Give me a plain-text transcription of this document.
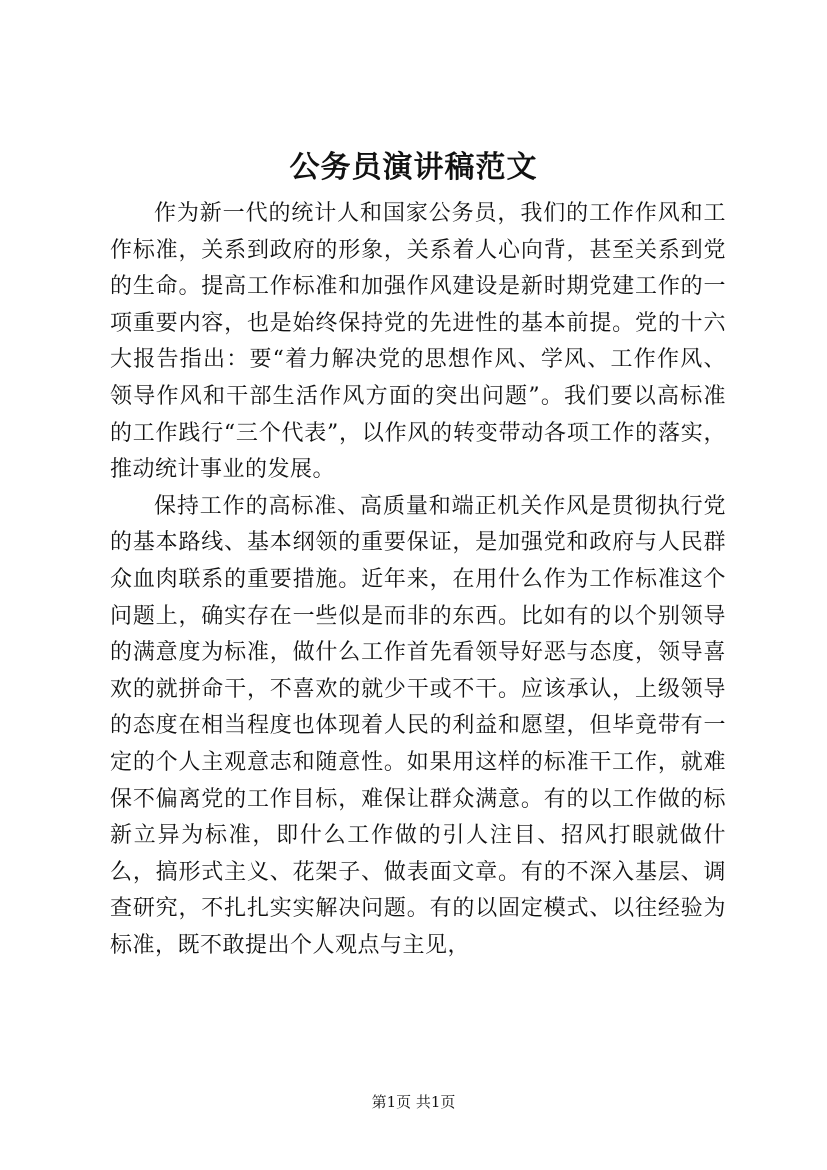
公务员演讲稿范文

作为新一代的统计人和国家公务员，我们的工作作风和工作标准，关系到政府的形象，关系着人心向背，甚至关系到党的生命。提高工作标准和加强作风建设是新时期党建工作的一项重要内容，也是始终保持党的先进性的基本前提。党的十六大报告指出：要“着力解决党的思想作风、学风、工作作风、领导作风和干部生活作风方面的突出问题”。我们要以高标准的工作践行“三个代表”，以作风的转变带动各项工作的落实，推动统计事业的发展。

保持工作的高标准、高质量和端正机关作风是贯彻执行党的基本路线、基本纲领的重要保证，是加强党和政府与人民群众血肉联系的重要措施。近年来，在用什么作为工作标准这个问题上，确实存在一些似是而非的东西。比如有的以个别领导的满意度为标准，做什么工作首先看领导好恶与态度，领导喜欢的就拼命干，不喜欢的就少干或不干。应该承认，上级领导的态度在相当程度也体现着人民的利益和愿望，但毕竟带有一定的个人主观意志和随意性。如果用这样的标准干工作，就难保不偏离党的工作目标，难保让群众满意。有的以工作做的标新立异为标准，即什么工作做的引人注目、招风打眼就做什么，搞形式主义、花架子、做表面文章。有的不深入基层、调查研究，不扎扎实实解决问题。有的以固定模式、以往经验为标准，既不敢提出个人观点与主见，

第1页 共1页
